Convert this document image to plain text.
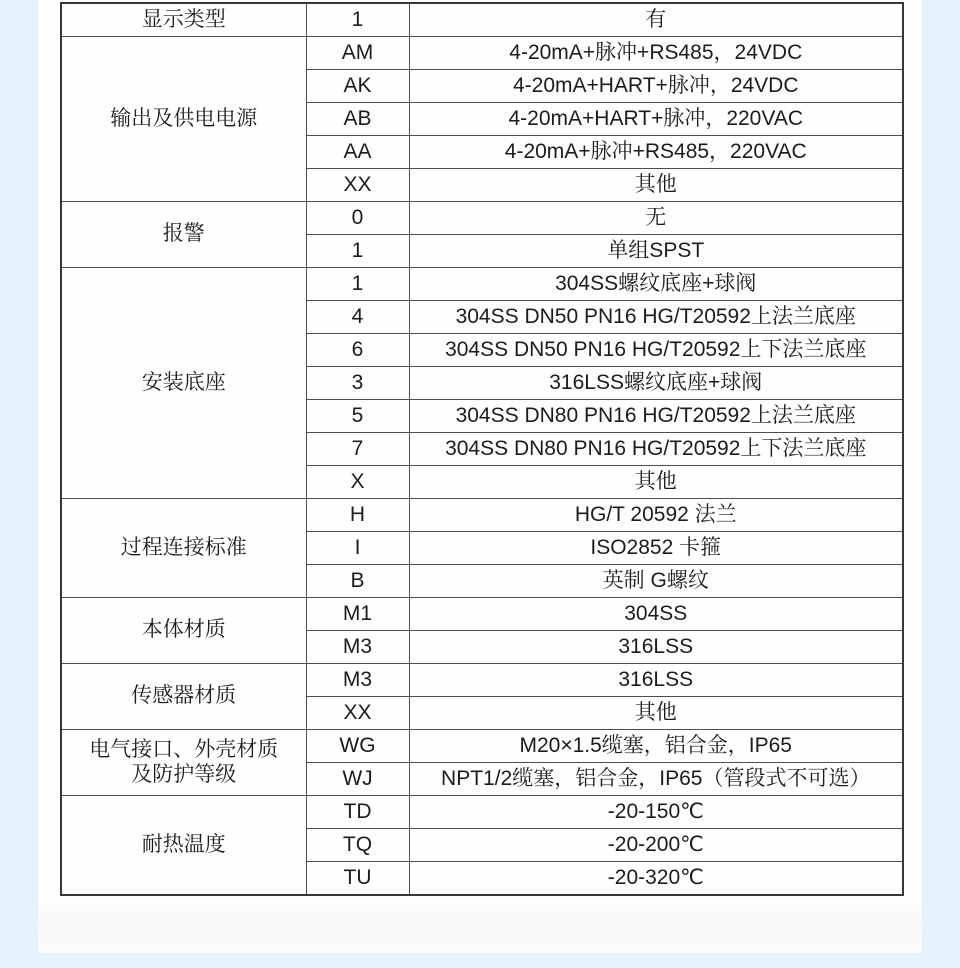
显示类型	1	有

输出及供电电源	AM	4-20mA+脉冲+RS485，24VDC
	AK	4-20mA+HART+脉冲，24VDC
	AB	4-20mA+HART+脉冲，220VAC
	AA	4-20mA+脉冲+RS485，220VAC
	XX	其他

报警	0	无
	1	单组SPST

安装底座	1	304SS螺纹底座+球阀
	4	304SS DN50 PN16 HG/T20592上法兰底座
	6	304SS DN50 PN16 HG/T20592上下法兰底座
	3	316LSS螺纹底座+球阀
	5	304SS DN80 PN16 HG/T20592上法兰底座
	7	304SS DN80 PN16 HG/T20592上下法兰底座
	X	其他

过程连接标准	H	HG/T 20592 法兰
	I	ISO2852 卡箍
	B	英制 G螺纹

本体材质	M1	304SS
	M3	316LSS

传感器材质	M3	316LSS
	XX	其他

电气接口、外壳材质
及防护等级	WG	M20×1.5缆塞，铝合金，IP65
	WJ	NPT1/2缆塞，铝合金，IP65（管段式不可选）

耐热温度	TD	-20-150℃
	TQ	-20-200℃
	TU	-20-320℃
